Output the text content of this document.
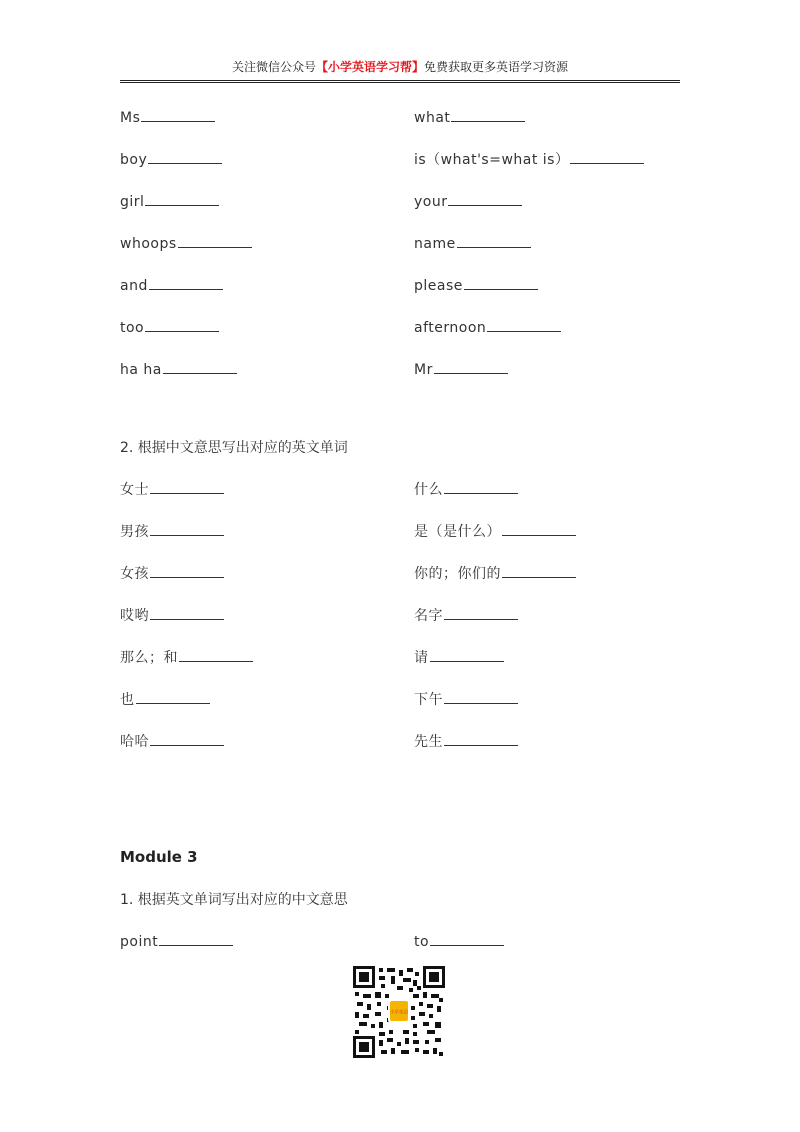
关注微信公众号【小学英语学习帮】免费获取更多英语学习资源
Ms
boy
girl
whoops
and
too
ha ha
what
is（what's=what is）
your
name
please
afternoon
Mr
2. 根据中文意思写出对应的英文单词
女士
男孩
女孩
哎哟
那么；和
也
哈哈
什么
是（是什么）
你的；你们的
名字
请
下午
先生
Module 3
1. 根据英文单词写出对应的中文意思
point	to
小学英语
